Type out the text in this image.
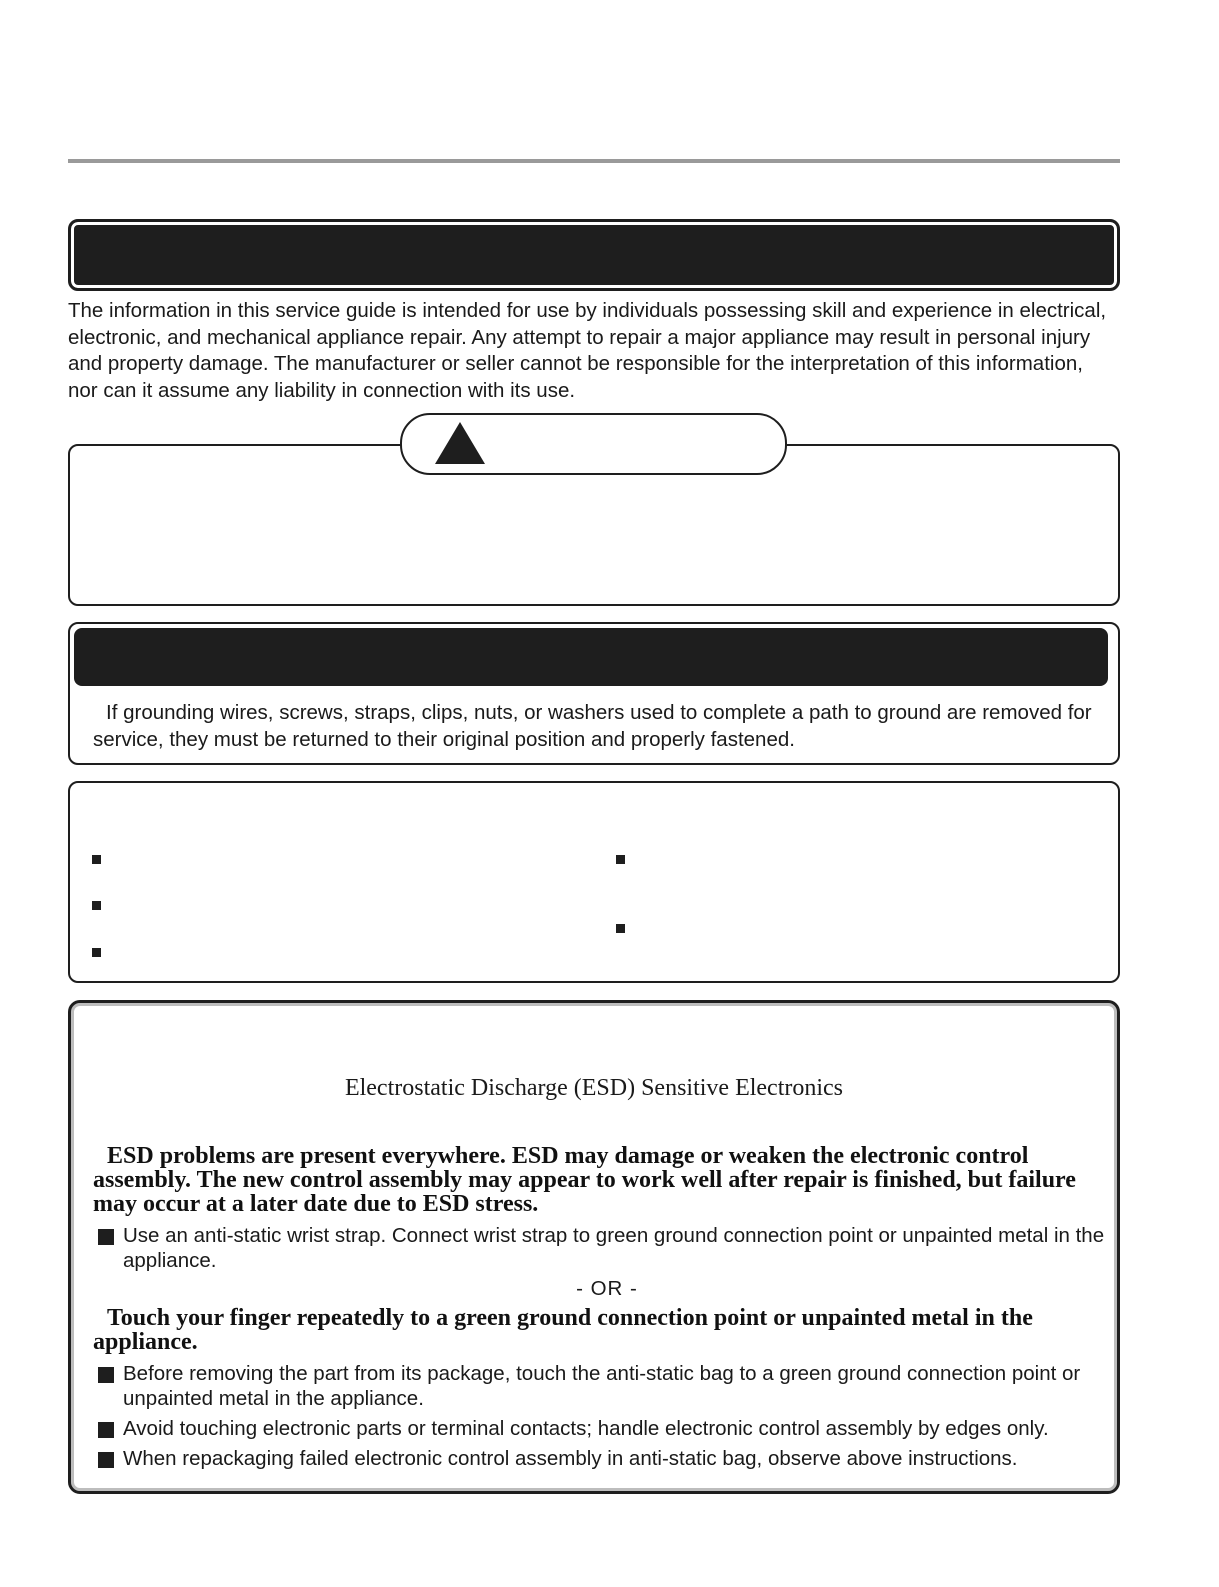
The information in this service guide is intended for use by individuals possessing skill and experience in electrical, electronic, and mechanical appliance repair. Any attempt to repair a major appliance may result in personal injury and property damage. The manufacturer or seller cannot be responsible for the interpretation of this information, nor can it assume any liability in connection with its use.

If grounding wires, screws, straps, clips, nuts, or washers used to complete a path to ground are removed for service, they must be returned to their original position and properly fastened.

Electrostatic Discharge (ESD) Sensitive Electronics

ESD problems are present everywhere. ESD may damage or weaken the electronic control assembly. The new control assembly may appear to work well after repair is finished, but failure may occur at a later date due to ESD stress.

Use an anti-static wrist strap. Connect wrist strap to green ground connection point or unpainted metal in the appliance.
- OR -

Touch your finger repeatedly to a green ground connection point or unpainted metal in the appliance.

Before removing the part from its package, touch the anti-static bag to a green ground connection point or unpainted metal in the appliance.
Avoid touching electronic parts or terminal contacts; handle electronic control assembly by edges only.
When repackaging failed electronic control assembly in anti-static bag, observe above instructions.
